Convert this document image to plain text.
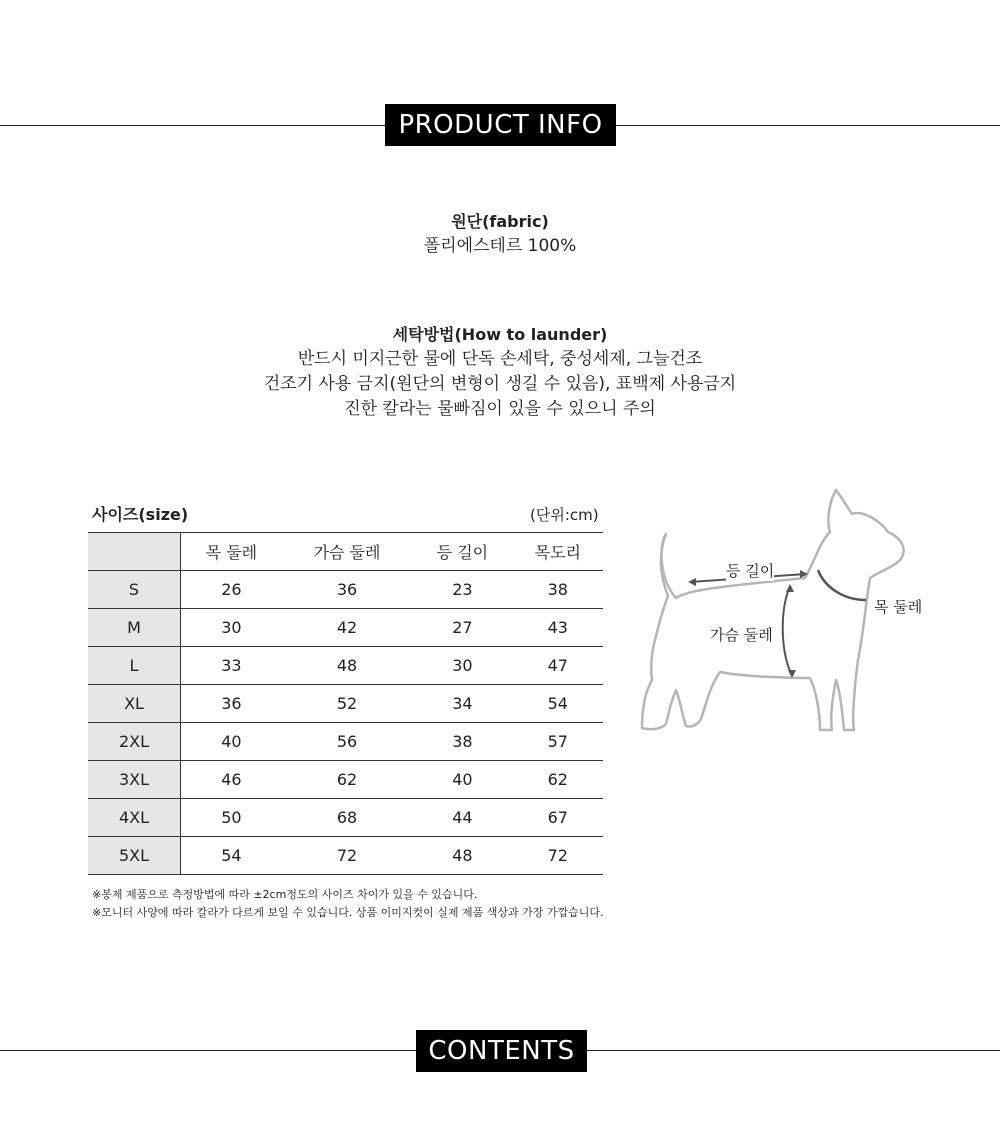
PRODUCT INFO
원단(fabric)
폴리에스테르 100%
세탁방법(How to launder)
반드시 미지근한 물에 단독 손세탁, 중성세제, 그늘건조
건조기 사용 금지(원단의 변형이 생길 수 있음), 표백제 사용금지
진한 칼라는 물빠짐이 있을 수 있으니 주의
사이즈(size)	(단위:cm)
	목 둘레	가슴 둘레	등 길이	목도리
S	26	36	23	38
M	30	42	27	43
L	33	48	30	47
XL	36	52	34	54
2XL	40	56	38	57
3XL	46	62	40	62
4XL	50	68	44	67
5XL	54	72	48	72
※봉제 제품으로 측정방법에 따라 ±2cm정도의 사이즈 차이가 있을 수 있습니다.
※모니터 사양에 따라 칼라가 다르게 보일 수 있습니다. 상품 이미지컷이 실제 제품 색상과 가장 가깝습니다.
등 길이
가슴 둘레
목 둘레
CONTENTS
